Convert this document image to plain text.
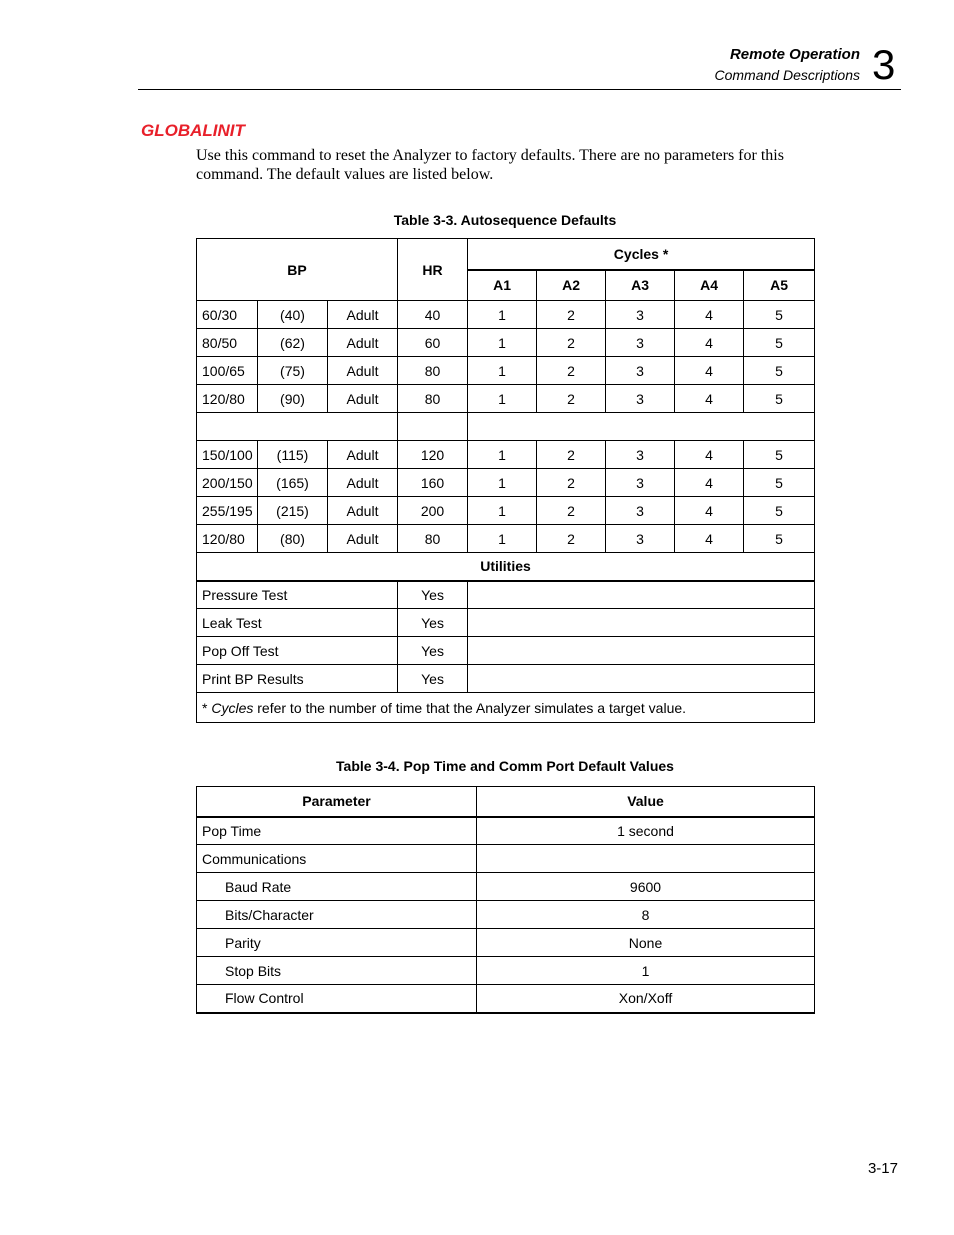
Remote Operation
Command Descriptions 3
GLOBALINIT
Use this command to reset the Analyzer to factory defaults. There are no parameters for this command. The default values are listed below.
Table 3-3. Autosequence Defaults
BP			HR	Cycles *				
				A1	A2	A3	A4	A5
60/30	(40)	Adult	40	1	2	3	4	5
80/50	(62)	Adult	60	1	2	3	4	5
100/65	(75)	Adult	80	1	2	3	4	5
120/80	(90)	Adult	80	1	2	3	4	5

150/100	(115)	Adult	120	1	2	3	4	5
200/150	(165)	Adult	160	1	2	3	4	5
255/195	(215)	Adult	200	1	2	3	4	5
120/80	(80)	Adult	80	1	2	3	4	5
Utilities								
Pressure Test			Yes					
Leak Test			Yes					
Pop Off Test			Yes					
Print BP Results			Yes					
* Cycles refer to the number of time that the Analyzer simulates a target value.								
Table 3-4. Pop Time and Comm Port Default Values
Parameter	Value
Pop Time	1 second
Communications	
Baud Rate	9600
Bits/Character	8
Parity	None
Stop Bits	1
Flow Control	Xon/Xoff
3-17
